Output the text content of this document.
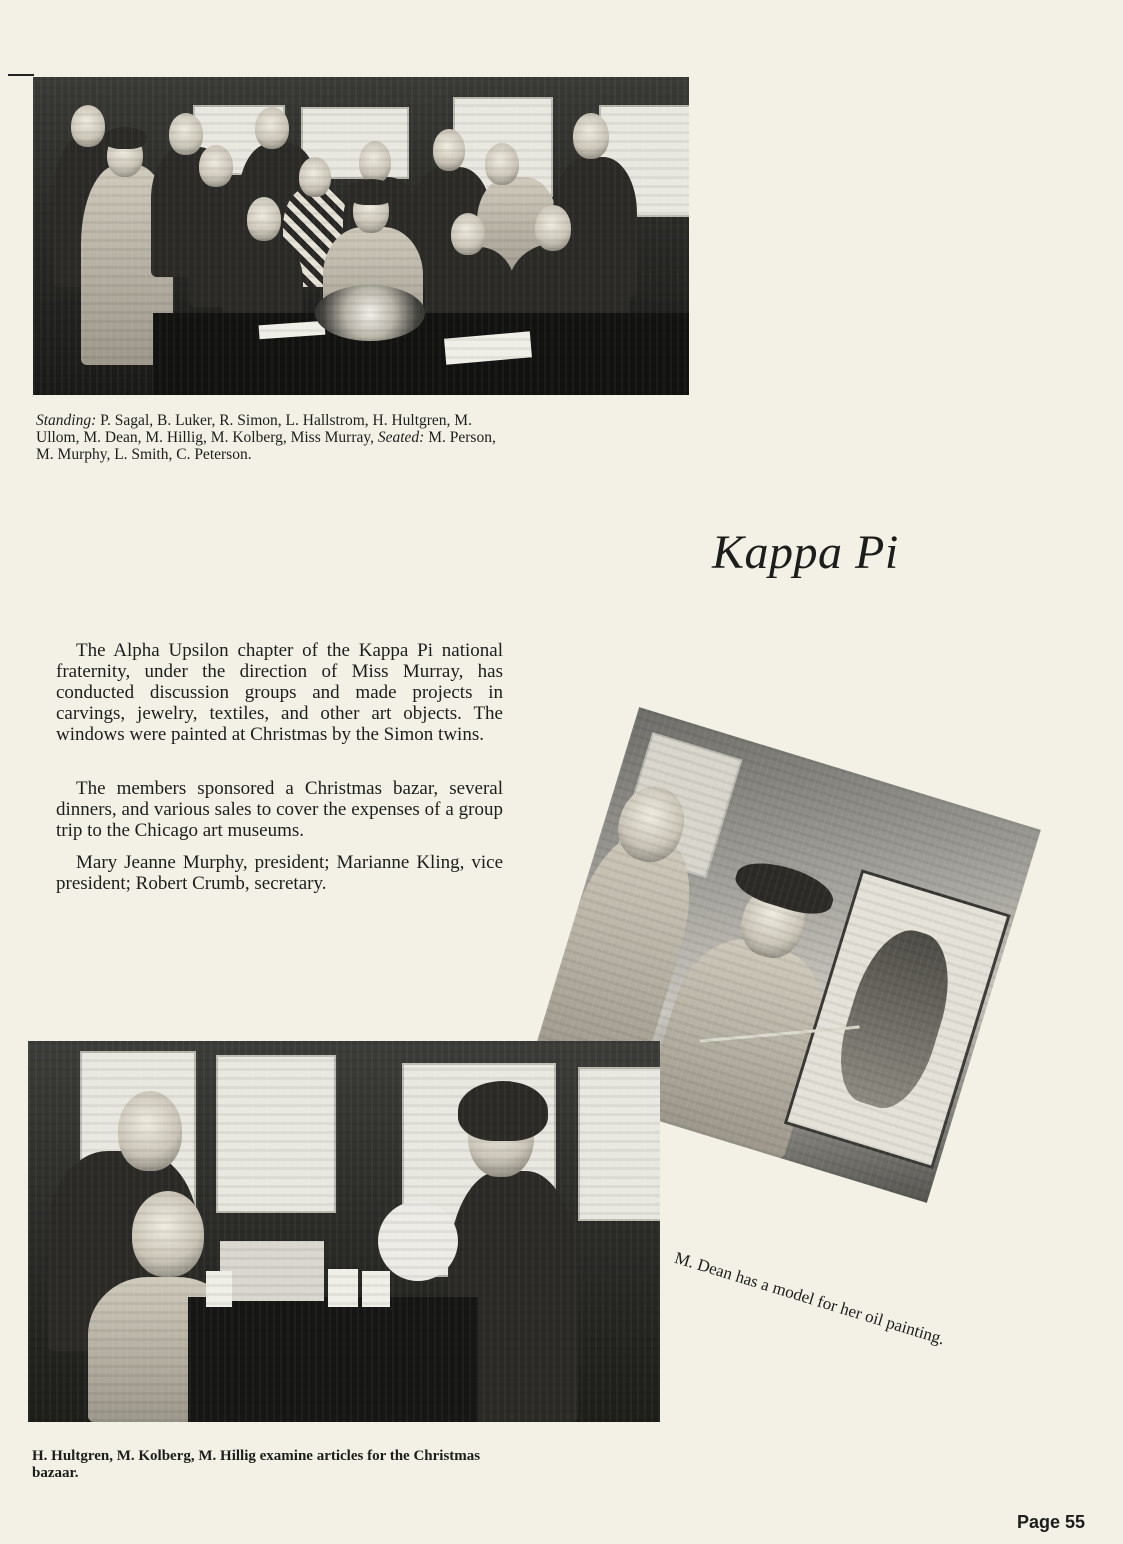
Standing: P. Sagal, B. Luker, R. Simon, L. Hallstrom, H. Hultgren, M. Ullom, M. Dean, M. Hillig, M. Kolberg, Miss Murray, Seated: M. Person, M. Murphy, L. Smith, C. Peterson.

Kappa Pi

The Alpha Upsilon chapter of the Kappa Pi national fraternity, under the direction of Miss Murray, has conducted discussion groups and made projects in carvings, jewelry, textiles, and other art objects. The windows were painted at Christmas by the Simon twins.

The members sponsored a Christmas bazar, several dinners, and various sales to cover the expenses of a group trip to the Chicago art museums.

Mary Jeanne Murphy, president; Marianne Kling, vice president; Robert Crumb, secretary.

M. Dean has a model for her oil painting.

H. Hultgren, M. Kolberg, M. Hillig examine articles for the Christmas bazaar.

Page 55
